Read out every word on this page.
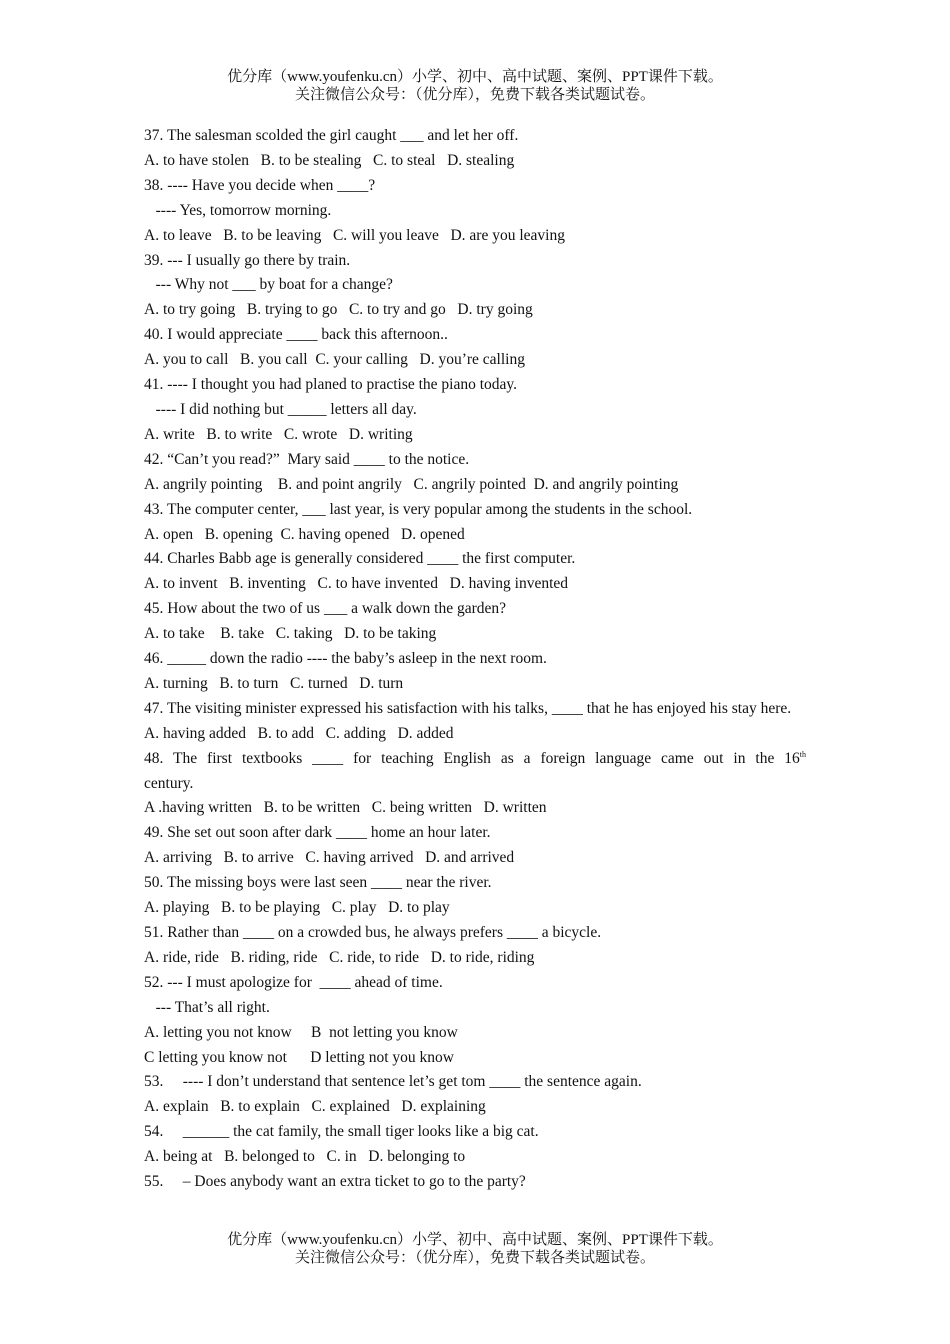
优分库（www.youfenku.cn）小学、初中、高中试题、案例、PPT课件下载。
关注微信公众号：（优分库），免费下载各类试题试卷。
37. The salesman scolded the girl caught ___ and let her off.
A. to have stolen   B. to be stealing   C. to steal   D. stealing
38. ---- Have you decide when ____?
---- Yes, tomorrow morning.
A. to leave   B. to be leaving   C. will you leave   D. are you leaving
39. --- I usually go there by train.
--- Why not ___ by boat for a change?
A. to try going   B. trying to go   C. to try and go   D. try going
40. I would appreciate ____ back this afternoon..
A. you to call   B. you call  C. your calling   D. you’re calling
41. ---- I thought you had planed to practise the piano today.
---- I did nothing but _____ letters all day.
A. write   B. to write   C. wrote   D. writing
42. “Can’t you read?”  Mary said ____ to the notice.
A. angrily pointing    B. and point angrily   C. angrily pointed  D. and angrily pointing
43. The computer center, ___ last year, is very popular among the students in the school.
A. open   B. opening  C. having opened   D. opened
44. Charles Babb age is generally considered ____ the first computer.
A. to invent   B. inventing   C. to have invented   D. having invented
45. How about the two of us ___ a walk down the garden?
A. to take    B. take   C. taking   D. to be taking
46. _____ down the radio ---- the baby’s asleep in the next room.
A. turning   B. to turn   C. turned   D. turn
47. The visiting minister expressed his satisfaction with his talks, ____ that he has enjoyed his stay here.
A. having added   B. to add   C. adding   D. added
48. The first textbooks ____ for teaching English as a foreign language came out in the 16th
century.
A .having written   B. to be written   C. being written   D. written
49. She set out soon after dark ____ home an hour later.
A. arriving   B. to arrive   C. having arrived   D. and arrived
50. The missing boys were last seen ____ near the river.
A. playing   B. to be playing   C. play   D. to play
51. Rather than ____ on a crowded bus, he always prefers ____ a bicycle.
A. ride, ride   B. riding, ride   C. ride, to ride   D. to ride, riding
52. --- I must apologize for  ____ ahead of time.
--- That’s all right.
A. letting you not know     B  not letting you know
C letting you know not      D letting not you know
53.     ---- I don’t understand that sentence let’s get tom ____ the sentence again.
A. explain   B. to explain   C. explained   D. explaining
54.     ______ the cat family, the small tiger looks like a big cat.
A. being at   B. belonged to   C. in   D. belonging to
55.     – Does anybody want an extra ticket to go to the party?
优分库（www.youfenku.cn）小学、初中、高中试题、案例、PPT课件下载。
关注微信公众号：（优分库），免费下载各类试题试卷。
